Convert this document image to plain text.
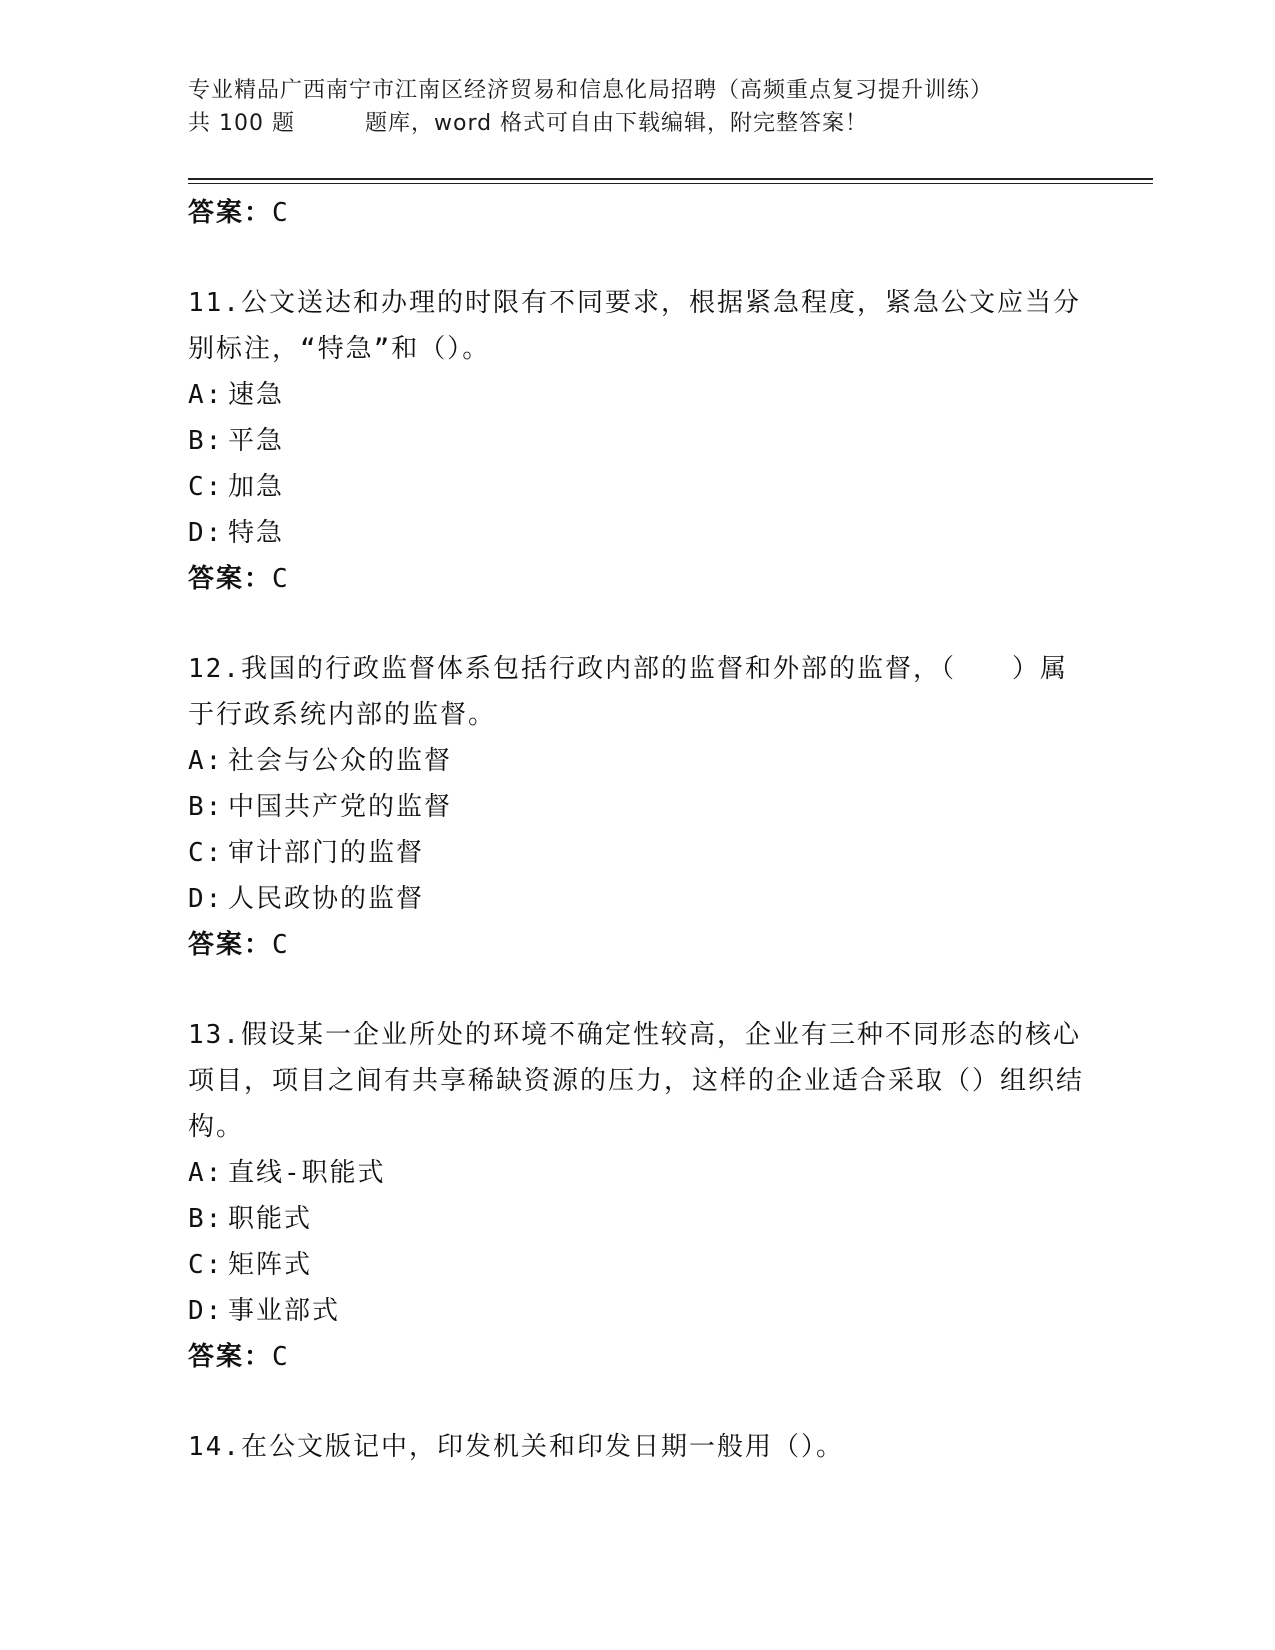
专业精品广西南宁市江南区经济贸易和信息化局招聘（高频重点复习提升训练）
共 100 题	题库，word 格式可自由下载编辑，附完整答案！
答案：C
11.公文送达和办理的时限有不同要求，根据紧急程度，紧急公文应当分别标注，“特急”和（）。
A: 速急
B: 平急
C: 加急
D: 特急
答案：C
12.我国的行政监督体系包括行政内部的监督和外部的监督，（　　）属于行政系统内部的监督。
A: 社会与公众的监督
B: 中国共产党的监督
C: 审计部门的监督
D: 人民政协的监督
答案：C
13.假设某一企业所处的环境不确定性较高，企业有三种不同形态的核心项目，项目之间有共享稀缺资源的压力，这样的企业适合采取（）组织结构。
A: 直线-职能式
B: 职能式
C: 矩阵式
D: 事业部式
答案：C
14.在公文版记中，印发机关和印发日期一般用（）。
